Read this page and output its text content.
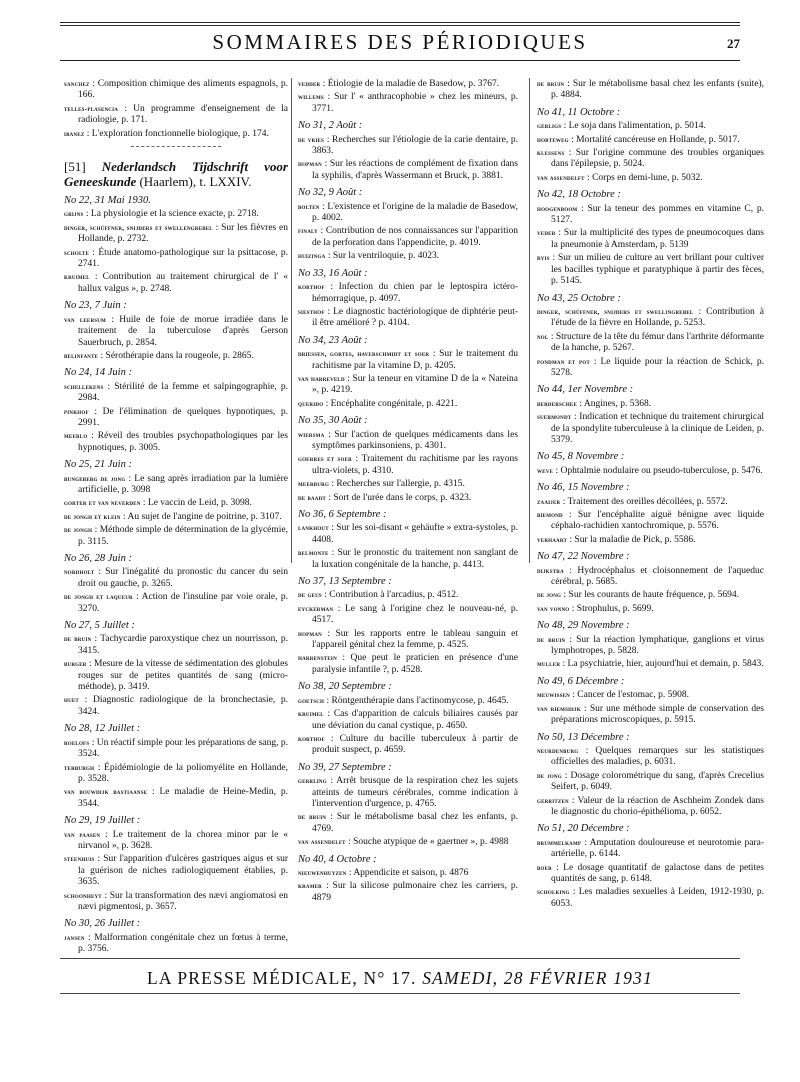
SOMMAIRES DES PÉRIODIQUES	27
sanchez : Composition chimique des aliments espagnols, p. 166.
telles-plasencia : Un programme d'enseignement de la radiologie, p. 171.
ibanez : L'exploration fonctionnelle biologique, p. 174.
[51] Nederlandsch Tijdschrift voor Geneeskunde (Haarlem), t. LXXIV.
No 22, 31 Mai 1930.
grijns : La physiologie et la science exacte, p. 2718.
dinger, schüffner, snijders et swellengrebel : Sur les fièvres en Hollande, p. 2732.
scholte : Étude anatomo-pathologique sur la psittacose, p. 2741.
kruimel : Contribution au traitement chirurgical de l' « hallux valgus », p. 2748.
No 23, 7 Juin :
van leersum : Huile de foie de morue irradiée dans le traitement de la tuberculose d'après Gerson Sauerbruch, p. 2854.
belinfante : Sérothérapie dans la rougeole, p. 2865.
No 24, 14 Juin :
schellekens : Stérilité de la femme et salpingographie, p. 2984.
pinkhof : De l'élimination de quelques hypnotiques, p. 2991.
meerlo : Réveil des troubles psychopathologiques par les hypnotiques, p. 3005.
No 25, 21 Juin :
bungeberg de jong : Le sang après irradiation par la lumière artificielle, p. 3098
gorter et van neverden : Le vaccin de Leid, p. 3098.
de jongh et klein : Au sujet de l'angine de poitrine, p. 3107.
de jongh : Méthode simple de détermination de la glycémie, p. 3115.
No 26, 28 Juin :
nordholt : Sur l'inégalité du pronostic du cancer du sein droit ou gauche, p. 3265.
de jongh et laqueur : Action de l'insuline par voie orale, p. 3270.
No 27, 5 Juillet :
de bruin : Tachycardie paroxystique chez un nourrisson, p. 3415.
burger : Mesure de la vitesse de sédimentation des globules rouges sur de petites quantités de sang (micro-méthode), p. 3419.
huet : Diagnostic radiologique de la bronchectasie, p. 3424.
No 28, 12 Juillet :
roelofs : Un réactif simple pour les préparations de sang, p. 3524.
terburgh : Épidémiologie de la poliomyélite en Hollande, p. 3528.
van bouwdijk bastiaanse : Le maladie de Heine-Medin, p. 3544.
No 29, 19 Juillet :
van paasen : Le traitement de la chorea minor par le « nirvanol », p. 3628.
steenhuis : Sur l'apparition d'ulcères gastriques aigus et sur la guérison de niches radiologiquement établies, p. 3635.
schoonheyt : Sur la transformation des nævi angiomatosi en nævi pigmentosi, p. 3657.
No 30, 26 Juillet :
jansen : Malformation congénitale chez un fœtus à terme, p. 3756.
vedder : Étiologie de la maladie de Basedow, p. 3767.
willems : Sur l' « anthracophobie » chez les mineurs, p. 3771.
No 31, 2 Août :
de vries : Recherches sur l'étiologie de la carie dentaire, p. 3863.
hopman : Sur les réactions de complément de fixation dans la syphilis, d'après Wassermann et Bruck, p. 3881.
No 32, 9 Août :
bolten : L'existence et l'origine de la maladie de Basedow, p. 4002.
finaly : Contribution de nos connaissances sur l'apparition de la perforation dans l'appendicite, p. 4019.
huizinga : Sur la ventriloquie, p. 4023.
No 33, 16 Août :
korthof : Infection du chien par le leptospira ictéro-hémorragique, p. 4097.
siesthof : Le diagnostic bactériologique de diphtérie peut-il être amélioré ? p. 4104.
No 34, 23 Août :
driessen, gortes, haverschmidt et soer : Sur le traitement du rachitisme par la vitamine D, p. 4205.
van harreveld : Sur la teneur en vitamine D de la « Nateina », p. 4219.
querido : Encéphalite congénitale, p. 4221.
No 35, 30 Août :
wiersma : Sur l'action de quelques médicaments dans les symptômes parkinsoniens, p. 4301.
goerres et soer : Traitement du rachitisme par les rayons ultra-violets, p. 4310.
meerburg : Recherches sur l'allergie, p. 4315.
de baadt : Sort de l'urée dans le corps, p. 4323.
No 36, 6 Septembre :
lankhout : Sur les soi-disant « gehäufte » extra-systoles, p. 4408.
belmonte : Sur le pronostic du traitement non sanglant de la luxation congénitale de la hanche, p. 4413.
No 37, 13 Septembre :
de geus : Contribution à l'arcadius, p. 4512.
eyckerman : Le sang à l'origine chez le nouveau-né, p. 4517.
hopman : Sur les rapports entre le tableau sanguin et l'appareil génital chez la femme, p. 4525.
harrenstein : Que peut le praticien en présence d'une paralysie infantile ?, p. 4528.
No 38, 20 Septembre :
goetsch : Röntgenthérapie dans l'actinomycose, p. 4645.
kruimel : Cas d'apparition de calculs biliaires causés par une déviation du canal cystique, p. 4650.
korthof : Culture du bacille tuberculeux à partir de produit suspect, p. 4659.
No 39, 27 Septembre :
gerrling : Arrêt brusque de la respiration chez les sujets atteints de tumeurs cérébrales, comme indication à l'intervention d'urgence, p. 4765.
de bruin : Sur le métabolisme basal chez les enfants, p. 4769.
van assendelft : Souche atypique de « gaertner », p. 4988
No 40, 4 Octobre :
nieuwenhuyzen : Appendicite et saison, p. 4876
kramer : Sur la silicose pulmonaire chez les carriers, p. 4879
de bruin : Sur le métabolisme basal chez les enfants (suite), p. 4884.
No 41, 11 Octobre :
gerligs : Le soja dans l'alimentation, p. 5014.
horteweg : Mortalité cancéreuse en Hollande, p. 5017.
klessens : Sur l'origine commune des troubles organiques dans l'épilepsie, p. 5024.
van assendelft : Corps en demi-lune, p. 5032.
No 42, 18 Octobre :
hoogenboom : Sur la teneur des pommes en vitamine C, p. 5127.
veder : Sur la multiplicité des types de pneumocoques dans la pneumonie à Amsterdam, p. 5139
ryis : Sur un milieu de culture au vert brillant pour cultiver les bacilles typhique et paratyphique à partir des fèces, p. 5145.
No 43, 25 Octobre :
dinger, schüffner, snijders et swellingrebel : Contribution à l'étude de la fièvre en Hollande, p. 5253.
nol : Structure de la tête du fémur dans l'arthrite déformante de la hanche, p. 5267.
pondman et pot : Le liquide pour la réaction de Schick, p. 5278.
No 44, 1er Novembre :
berderschee : Angines, p. 5368.
suermondt : Indication et technique du traitement chirurgical de la spondylite tuberculeuse à la clinique de Leiden, p. 5379.
No 45, 8 Novembre :
weve : Ophtalmie nodulaire ou pseudo-tuberculose, p. 5476.
No 46, 15 Novembre :
zaaijer : Traitement des oreilles décollées, p. 5572.
biemond : Sur l'encéphalite aiguë bénigne avec liquide céphalo-rachidien xantochromique, p. 5576.
verhaart : Sur la maladie de Pick, p. 5586.
No 47, 22 Novembre :
dijkstra : Hydrocéphalus et cloisonnement de l'aqueduc cérébral, p. 5685.
de jong : Sur les courants de haute fréquence, p. 5694.
van vonno : Strophulus, p. 5699.
No 48, 29 Novembre :
de bruin : Sur la réaction lymphatique, ganglions et virus lymphotropes, p. 5828.
muller : La psychiatrie, hier, aujourd'hui et demain, p. 5843.
No 49, 6 Décembre :
meuwissen : Cancer de l'estomac, p. 5908.
van riemsdijk : Sur une méthode simple de conservation des préparations microscopiques, p. 5915.
No 50, 13 Décembre :
neurdenburg : Quelques remarques sur les statistiques officielles des maladies, p. 6031.
de jong : Dosage colorométrique du sang, d'après Crecelius Seifert, p. 6049.
gerritzen : Valeur de la réaction de Aschheim Zondek dans le diagnostic du chorio-épithélioma, p. 6052.
No 51, 20 Décembre :
brummelkamp : Amputation douloureuse et neurotomie para-artérielle, p. 6144.
boer : Le dosage quantitatif de galactose dans de petites quantités de sang, p. 6148.
scholking : Les maladies sexuelles à Leiden, 1912-1930, p. 6053.
LA PRESSE MÉDICALE, N° 17. SAMEDI, 28 FÉVRIER 1931
